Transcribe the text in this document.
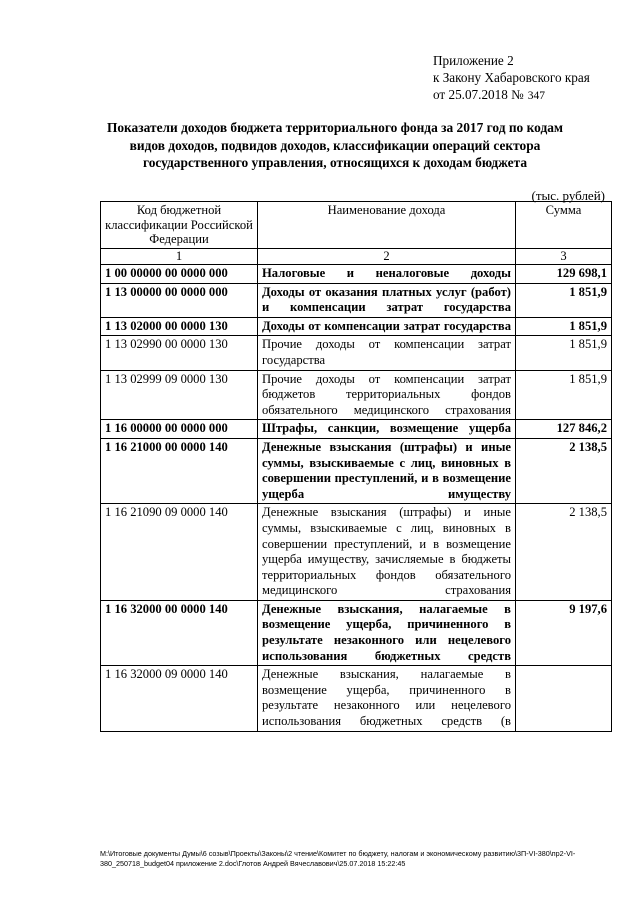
Приложение 2
к Закону Хабаровского края
от 25.07.2018 № 347
Показатели доходов бюджета территориального фонда за 2017 год по кодам видов доходов, подвидов доходов, классификации операций сектора государственного управления, относящихся к доходам бюджета
(тыс. рублей)
Код бюджетной классификации Российской Федерации	Наименование дохода	Сумма
1	2	3
1 00 00000 00 0000 000	Налоговые и неналоговые доходы	129 698,1
1 13 00000 00 0000 000	Доходы от оказания платных услуг (работ) и компенсации затрат государства	1 851,9
1 13 02000 00 0000 130	Доходы от компенсации затрат государства	1 851,9
1 13 02990 00 0000 130	Прочие доходы от компенсации затрат государства	1 851,9
1 13 02999 09 0000 130	Прочие доходы от компенсации затрат бюджетов территориальных фондов обязательного медицинского страхования	1 851,9
1 16 00000 00 0000 000	Штрафы, санкции, возмещение ущерба	127 846,2
1 16 21000 00 0000 140	Денежные взыскания (штрафы) и иные суммы, взыскиваемые с лиц, виновных в совершении преступлений, и в возмещение ущерба имуществу	2 138,5
1 16 21090 09 0000 140	Денежные взыскания (штрафы) и иные суммы, взыскиваемые с лиц, виновных в совершении преступлений, и в возмещение ущерба имуществу, зачисляемые в бюджеты территориальных фондов обязательного медицинского страхования	2 138,5
1 16 32000 00 0000 140	Денежные взыскания, налагаемые в возмещение ущерба, причиненного в результате незаконного или нецелевого использования бюджетных средств	9 197,6
1 16 32000 09 0000 140	Денежные взыскания, налагаемые в возмещение ущерба, причиненного в результате незаконного или нецелевого использования бюджетных средств (в	
M:\Итоговые документы Думы\6 созыв\Проекты\Законы\2 чтение\Комитет по бюджету, налогам и экономическому развитию\3П-VI-380\пр2-VI-380_250718_budget04 приложение 2.doc\Глотов Андрей Вячеславович\25.07.2018 15:22:45
